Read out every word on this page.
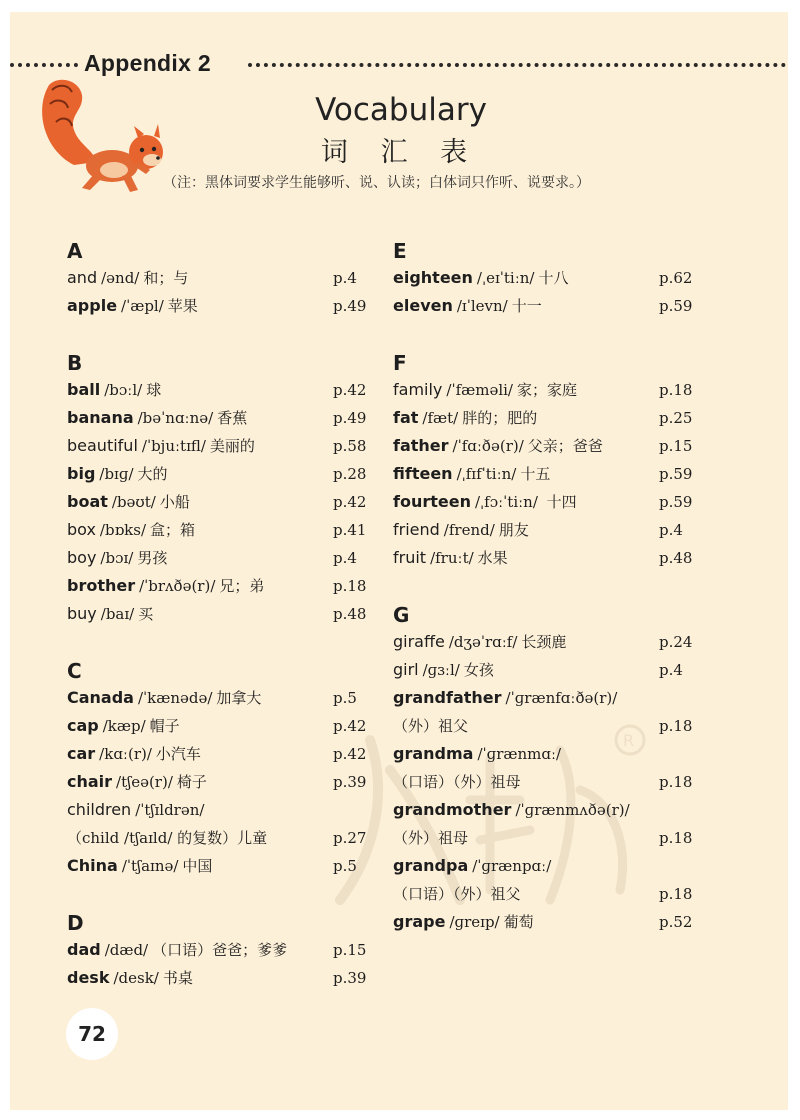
Appendix 2
Vocabulary
词 汇 表
（注：黑体词要求学生能够听、说、认读；白体词只作听、说要求。）
R
A
and /ənd/ 和；与	p.4
apple /ˈæpl/ 苹果	p.49
B
ball /bɔːl/ 球	p.42
banana /bəˈnɑːnə/ 香蕉	p.49
beautiful /ˈbjuːtɪfl/ 美丽的	p.58
big /bɪɡ/ 大的	p.28
boat /bəʊt/ 小船	p.42
box /bɒks/ 盒；箱	p.41
boy /bɔɪ/ 男孩	p.4
brother /ˈbrʌðə(r)/ 兄；弟	p.18
buy /baɪ/ 买	p.48
C
Canada /ˈkænədə/ 加拿大	p.5
cap /kæp/ 帽子	p.42
car /kɑː(r)/ 小汽车	p.42
chair /tʃeə(r)/ 椅子	p.39
children /ˈtʃɪldrən/
（child /tʃaɪld/ 的复数）儿童	p.27
China /ˈtʃaɪnə/ 中国	p.5
D
dad /dæd/ （口语）爸爸；爹爹	p.15
desk /desk/ 书桌	p.39
E
eighteen /ˌeɪˈtiːn/ 十八	p.62
eleven /ɪˈlevn/ 十一	p.59
F
family /ˈfæməli/ 家；家庭	p.18
fat /fæt/ 胖的；肥的	p.25
father /ˈfɑːðə(r)/ 父亲；爸爸	p.15
fifteen /ˌfɪfˈtiːn/ 十五	p.59
fourteen /ˌfɔːˈtiːn/ 十四	p.59
friend /frend/ 朋友	p.4
fruit /fruːt/ 水果	p.48
G
giraffe /dʒəˈrɑːf/ 长颈鹿	p.24
girl /ɡɜːl/ 女孩	p.4
grandfather /ˈɡrænfɑːðə(r)/
（外）祖父	p.18
grandma /ˈɡrænmɑː/
（口语）（外）祖母	p.18
grandmother /ˈɡrænmʌðə(r)/
（外）祖母	p.18
grandpa /ˈɡrænpɑː/
（口语）（外）祖父	p.18
grape /ɡreɪp/ 葡萄	p.52
72
